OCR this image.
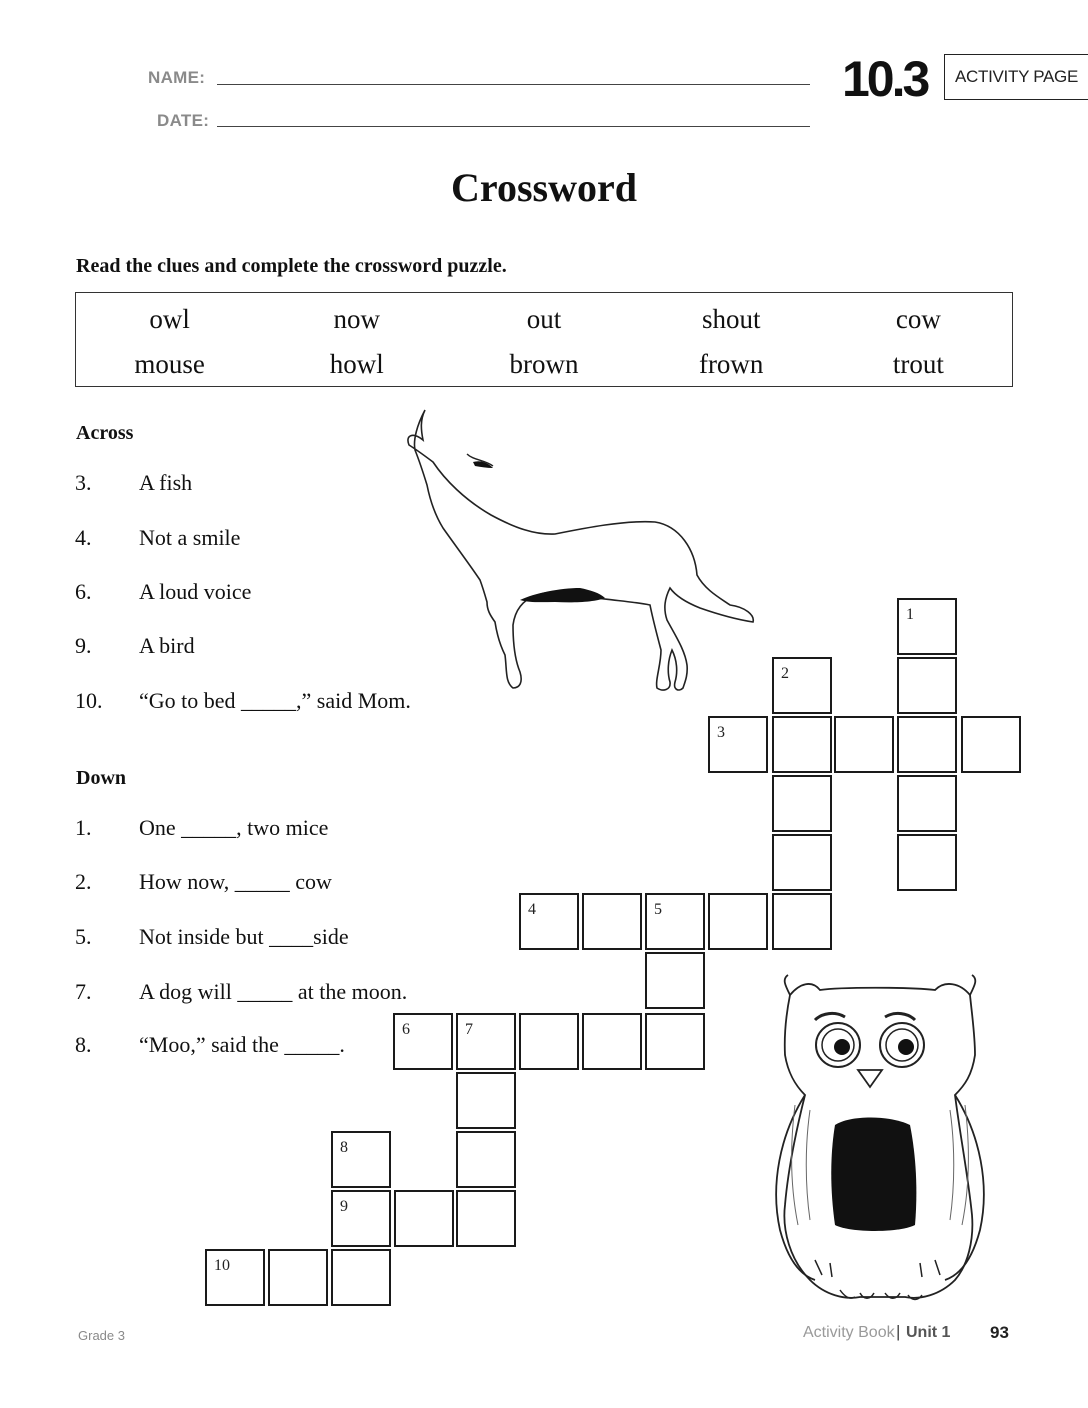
NAME:
DATE:
10.3 ACTIVITY PAGE
Crossword
Read the clues and complete the crossword puzzle.
owl	now	out	shout	cow
mouse	howl	brown	frown	trout
Across
3. A fish
4. Not a smile
6. A loud voice
9. A bird
10. “Go to bed _____,” said Mom.
Down
1. One _____, two mice
2. How now, _____ cow
5. Not inside but ____side
7. A dog will _____ at the moon.
8. “Moo,” said the _____.
1
2
3
4	5
6	7
8
9
10
Grade 3	Activity Book | Unit 1 93
